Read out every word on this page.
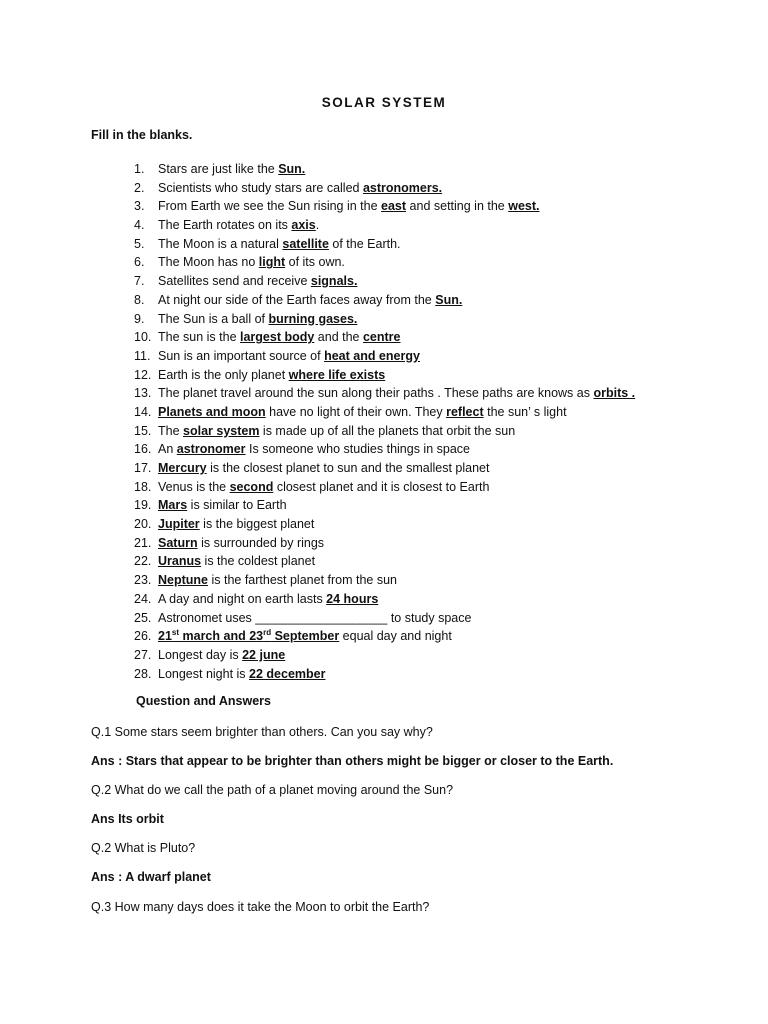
SOLAR SYSTEM
Fill in the blanks.
1.	Stars are just like the Sun.
2.	Scientists who study stars are called astronomers.
3.	From Earth we see the Sun rising in the east and setting in the west.
4.	The Earth rotates on its axis.
5.	The Moon is a natural satellite of the Earth.
6.	The Moon has no light of its own.
7.	Satellites send and receive signals.
8.	At night our side of the Earth faces away from the Sun.
9.	The Sun is a ball of burning gases.
10. The sun is the largest body and the centre
11. Sun is an important source of heat and energy
12. Earth is the only planet where life exists
13. The planet travel around the sun along their paths . These paths are knows as orbits .
14. Planets and moon have no light of their own. They reflect the sun’ s light
15. The solar system is made up of all the planets that orbit the sun
16. An astronomer Is someone who studies things in space
17. Mercury is the closest planet to sun and the smallest planet
18. Venus is the second closest planet and it is closest to Earth
19. Mars is similar to Earth
20. Jupiter is the biggest planet
21. Saturn is surrounded by rings
22. Uranus is the coldest planet
23. Neptune is the farthest planet from the sun
24. A day and night on earth lasts 24 hours
25. Astronomet uses ___________________ to study space
26. 21st march and 23rd September equal day and night
27. Longest day is 22 june
28. Longest night is 22 december
Question and Answers
Q.1 Some stars seem brighter than others. Can you say why?
Ans : Stars that appear to be brighter than others might be bigger or closer to the Earth.
Q.2 What do we call the path of a planet moving around the Sun?
Ans Its orbit
Q.2 What is Pluto?
Ans : A dwarf planet
Q.3 How many days does it take the Moon to orbit the Earth?
